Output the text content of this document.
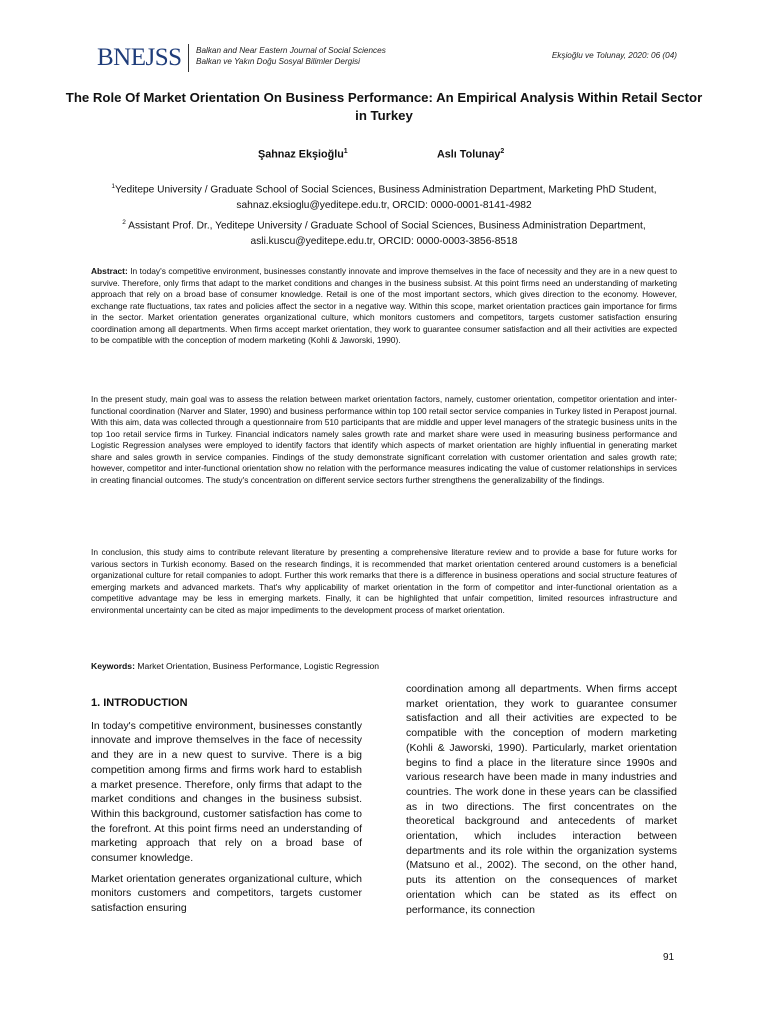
BNEJSS Balkan and Near Eastern Journal of Social Sciences
Balkan ve Yakın Doğu Sosyal Bilimler Dergisi
Ekşioğlu ve Tolunay, 2020: 06 (04)
The Role Of Market Orientation On Business Performance: An Empirical Analysis Within Retail Sector in Turkey
Şahnaz Ekşioğlu$^1$	Aslı Tolunay$^2$
$^1$Yeditepe University / Graduate School of Social Sciences, Business Administration Department, Marketing PhD Student, sahnaz.eksioglu@yeditepe.edu.tr, ORCID: 0000-0001-8141-4982
$^2$ Assistant Prof. Dr., Yeditepe University / Graduate School of Social Sciences, Business Administration Department, asli.kuscu@yeditepe.edu.tr, ORCID: 0000-0003-3856-8518

Abstract: In today's competitive environment, businesses constantly innovate and improve themselves in the face of necessity and they are in a new quest to survive. Therefore, only firms that adapt to the market conditions and changes in the business subsist. At this point firms need an understanding of marketing approach that rely on a broad base of consumer knowledge. Retail is one of the most important sectors, which gives direction to the economy. However, exchange rate fluctuations, tax rates and policies affect the sector in a negative way. Within this scope, market orientation practices gain importance for firms in the sector. Market orientation generates organizational culture, which monitors customers and competitors, targets customer satisfaction ensuring coordination among all departments. When firms accept market orientation, they work to guarantee consumer satisfaction and all their activities are expected to be compatible with the conception of modern marketing (Kohli & Jaworski, 1990).

In the present study, main goal was to assess the relation between market orientation factors, namely, customer orientation, competitor orientation and inter-functional coordination (Narver and Slater, 1990) and business performance within top 100 retail sector service companies in Turkey listed in Perapost journal. With this aim, data was collected through a questionnaire from 510 participants that are middle and upper level managers of the strategic business units in the top 1oo retail service firms in Turkey. Financial indicators namely sales growth rate and market share were used in measuring business performance and Logistic Regression analyses were employed to identify factors that identify which aspects of market orientation are highly influential in generating market share and sales growth in service companies. Findings of the study demonstrate significant correlation with customer orientation and sales growth rate; however, competitor and inter-functional orientation show no relation with the performance measures indicating the value of customer relationships in services in creating financial outcomes. The study's concentration on different service sectors further strengthens the generalizability of the findings.

In conclusion, this study aims to contribute relevant literature by presenting a comprehensive literature review and to provide a base for future works for various sectors in Turkish economy. Based on the research findings, it is recommended that market orientation centered around customers is a beneficial organizational culture for retail companies to adopt. Further this work remarks that there is a difference in business operations and social structure features of emerging markets and advanced markets. That's why applicability of market orientation in the form of competitor and inter-functional orientation as a competitive advantage may be less in emerging markets. Finally, it can be highlighted that unfair competition, limited resources infrastructure and environmental uncertainty can be cited as major impediments to the development process of market orientation.

Keywords: Market Orientation, Business Performance, Logistic Regression
1. INTRODUCTION

In today's competitive environment, businesses constantly innovate and improve themselves in the face of necessity and they are in a new quest to survive. There is a big competition among firms and firms work hard to establish a market presence. Therefore, only firms that adapt to the market conditions and changes in the business subsist. Within this background, customer satisfaction has come to the forefront. At this point firms need an understanding of marketing approach that rely on a broad base of consumer knowledge.

Market orientation generates organizational culture, which monitors customers and competitors, targets customer satisfaction ensuring

coordination among all departments. When firms accept market orientation, they work to guarantee consumer satisfaction and all their activities are expected to be compatible with the conception of modern marketing (Kohli & Jaworski, 1990). Particularly, market orientation begins to find a place in the literature since 1990s and various research have been made in many industries and countries. The work done in these years can be classified as in two directions. The first concentrates on the theoretical background and antecedents of market orientation, which includes interaction between departments and its role within the organization systems (Matsuno et al., 2002). The second, on the other hand, puts its attention on the consequences of market orientation which can be stated as its effect on performance, its connection

91
